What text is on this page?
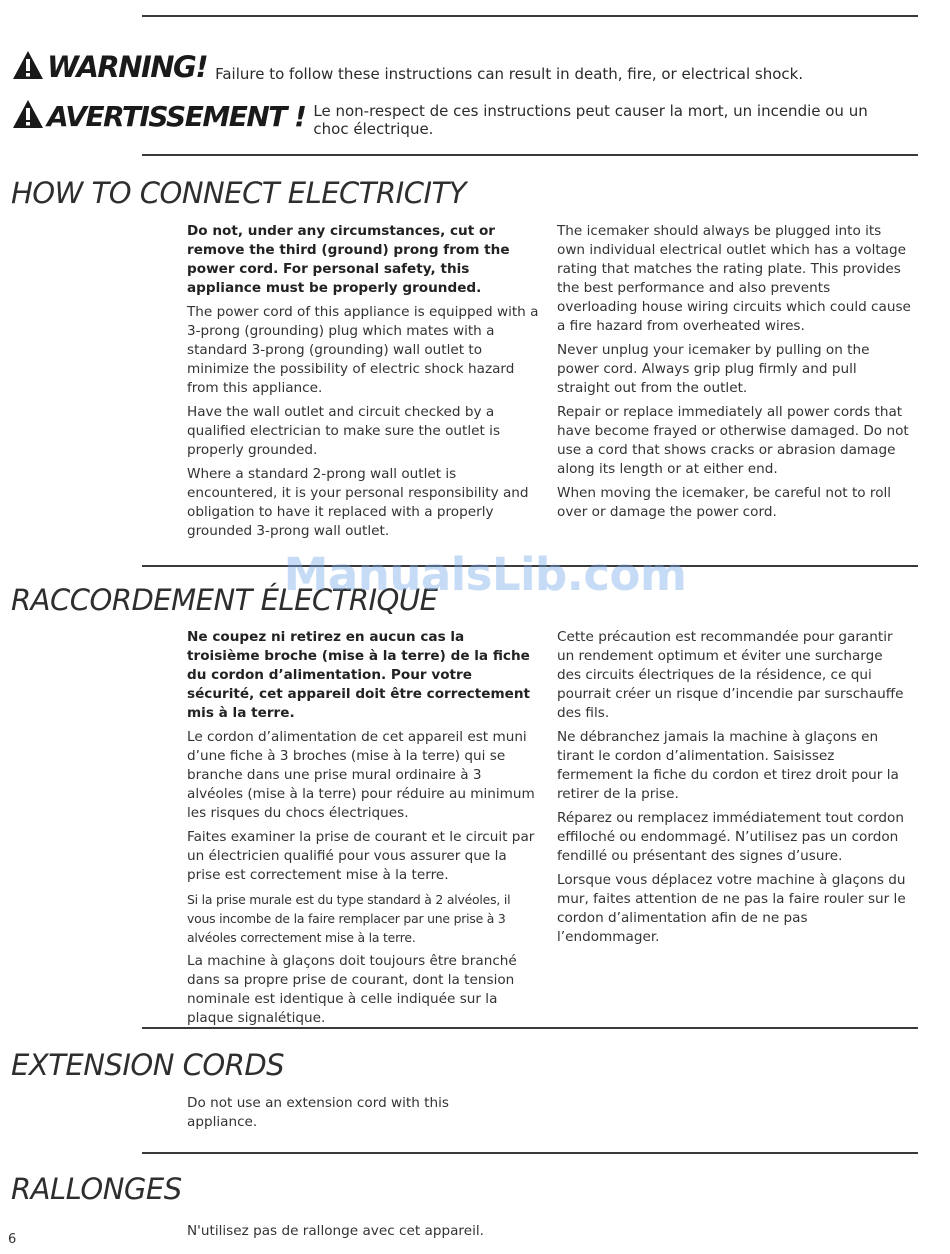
WARNING! Failure to follow these instructions can result in death, fire, or electrical shock.
AVERTISSEMENT ! Le non-respect de ces instructions peut causer la mort, un incendie ou un choc électrique.
HOW TO CONNECT ELECTRICITY

Do not, under any circumstances, cut or remove the third (ground) prong from the power cord. For personal safety, this appliance must be properly grounded.

The power cord of this appliance is equipped with a 3-prong (grounding) plug which mates with a standard 3-prong (grounding) wall outlet to minimize the possibility of electric shock hazard from this appliance.

Have the wall outlet and circuit checked by a qualified electrician to make sure the outlet is properly grounded.

Where a standard 2-prong wall outlet is encountered, it is your personal responsibility and obligation to have it replaced with a properly grounded 3-prong wall outlet.

The icemaker should always be plugged into its own individual electrical outlet which has a voltage rating that matches the rating plate. This provides the best performance and also prevents overloading house wiring circuits which could cause a fire hazard from overheated wires.

Never unplug your icemaker by pulling on the power cord. Always grip plug firmly and pull straight out from the outlet.

Repair or replace immediately all power cords that have become frayed or otherwise damaged. Do not use a cord that shows cracks or abrasion damage along its length or at either end.

When moving the icemaker, be careful not to roll over or damage the power cord.

RACCORDEMENT ÉLECTRIQUE
ManualsLib.com

Ne coupez ni retirez en aucun cas la troisième broche (mise à la terre) de la fiche du cordon d’alimentation. Pour votre sécurité, cet appareil doit être correctement mis à la terre.

Le cordon d’alimentation de cet appareil est muni d’une fiche à 3 broches (mise à la terre) qui se branche dans une prise mural ordinaire à 3 alvéoles (mise à la terre) pour réduire au minimum les risques du chocs électriques.

Faites examiner la prise de courant et le circuit par un électricien qualifié pour vous assurer que la prise est correctement mise à la terre.

Si la prise murale est du type standard à 2 alvéoles, il vous incombe de la faire remplacer par une prise à 3 alvéoles correctement mise à la terre.

La machine à glaçons doit toujours être branché dans sa propre prise de courant, dont la tension nominale est identique à celle indiquée sur la plaque signalétique.

Cette précaution est recommandée pour garantir un rendement optimum et éviter une surcharge des circuits électriques de la résidence, ce qui pourrait créer un risque d’incendie par surschauffe des fils.

Ne débranchez jamais la machine à glaçons en tirant le cordon d’alimentation. Saisissez fermement la fiche du cordon et tirez droit pour la retirer de la prise.

Réparez ou remplacez immédiatement tout cordon effiloché ou endommagé. N’utilisez pas un cordon fendillé ou présentant des signes d’usure.

Lorsque vous déplacez votre machine à glaçons du mur, faites attention de ne pas la faire rouler sur le cordon d’alimentation afin de ne pas l’endommager.

EXTENSION CORDS

Do not use an extension cord with this appliance.

RALLONGES

N'utilisez pas de rallonge avec cet appareil.

6
